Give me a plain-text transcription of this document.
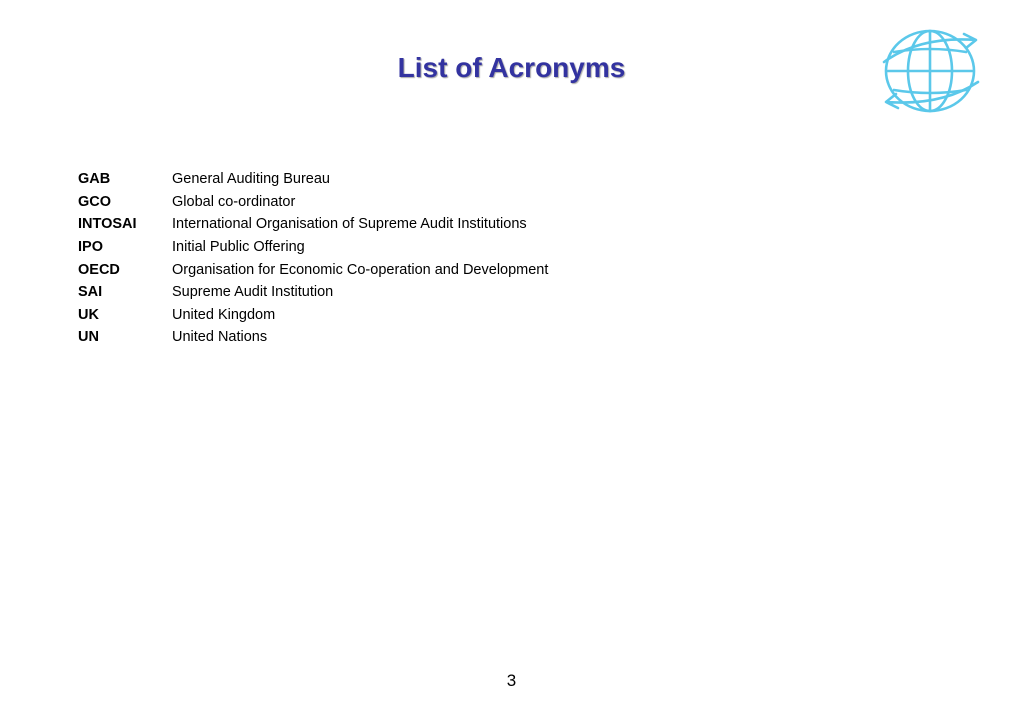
List of Acronyms
GAB	General Auditing Bureau
GCO	Global co-ordinator
INTOSAI	International Organisation of Supreme Audit Institutions
IPO	Initial Public Offering
OECD	Organisation for Economic Co-operation and Development
SAI	Supreme Audit Institution
UK	United Kingdom
UN	United Nations
3
